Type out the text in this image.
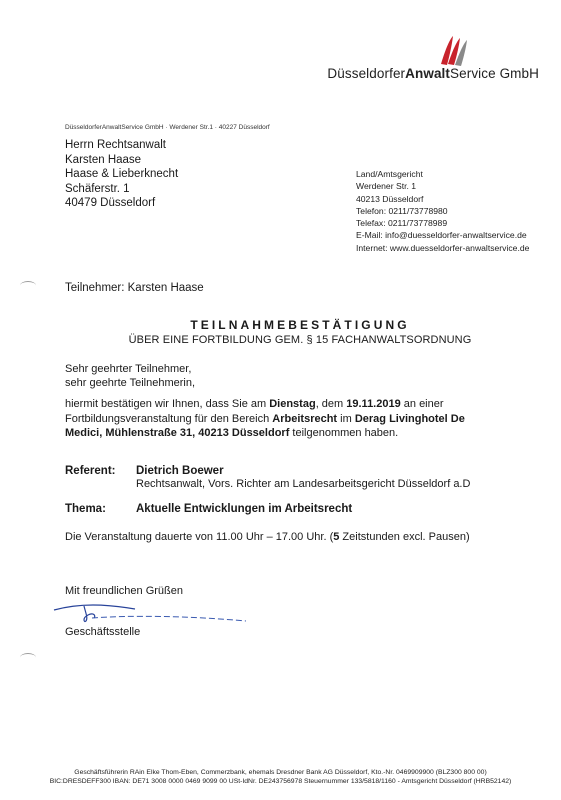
DüsseldorferAnwaltService GmbH
DüsseldorferAnwaltService GmbH · Werdener Str.1 · 40227 Düsseldorf
Herrn Rechtsanwalt
Karsten Haase
Haase & Lieberknecht
Schäferstr. 1
40479 Düsseldorf
Land/Amtsgericht
Werdener Str. 1
40213 Düsseldorf
Telefon: 0211/73778980
Telefax: 0211/73778989
E-Mail: info@duesseldorfer-anwaltservice.de
Internet: www.duesseldorfer-anwaltservice.de
Teilnehmer: Karsten Haase
TEILNAHMEBESTÄTIGUNG
ÜBER EINE FORTBILDUNG GEM. § 15 FACHANWALTSORDNUNG
Sehr geehrter Teilnehmer,
sehr geehrte Teilnehmerin,
hiermit bestätigen wir Ihnen, dass Sie am Dienstag, dem 19.11.2019 an einer Fortbildungsveranstaltung für den Bereich Arbeitsrecht im Derag Livinghotel De Medici, Mühlenstraße 31, 40213 Düsseldorf teilgenommen haben.
Referent: Dietrich Boewer
Rechtsanwalt, Vors. Richter am Landesarbeitsgericht Düsseldorf a.D
Thema:	Aktuelle Entwicklungen im Arbeitsrecht
Die Veranstaltung dauerte von 11.00 Uhr – 17.00 Uhr. (5 Zeitstunden excl. Pausen)
Mit freundlichen Grüßen
Geschäftsstelle
Geschäftsführerin RAin Elke Thom-Eben, Commerzbank, ehemals Dresdner Bank AG Düsseldorf, Kto.-Nr. 0469909900 (BLZ300 800 00)
BIC:DRESDEFF300 IBAN: DE71 3008 0000 0469 9099 00 USt-IdNr. DE243756978 Steuernummer 133/5818/1160 - Amtsgericht Düsseldorf (HRB52142)
